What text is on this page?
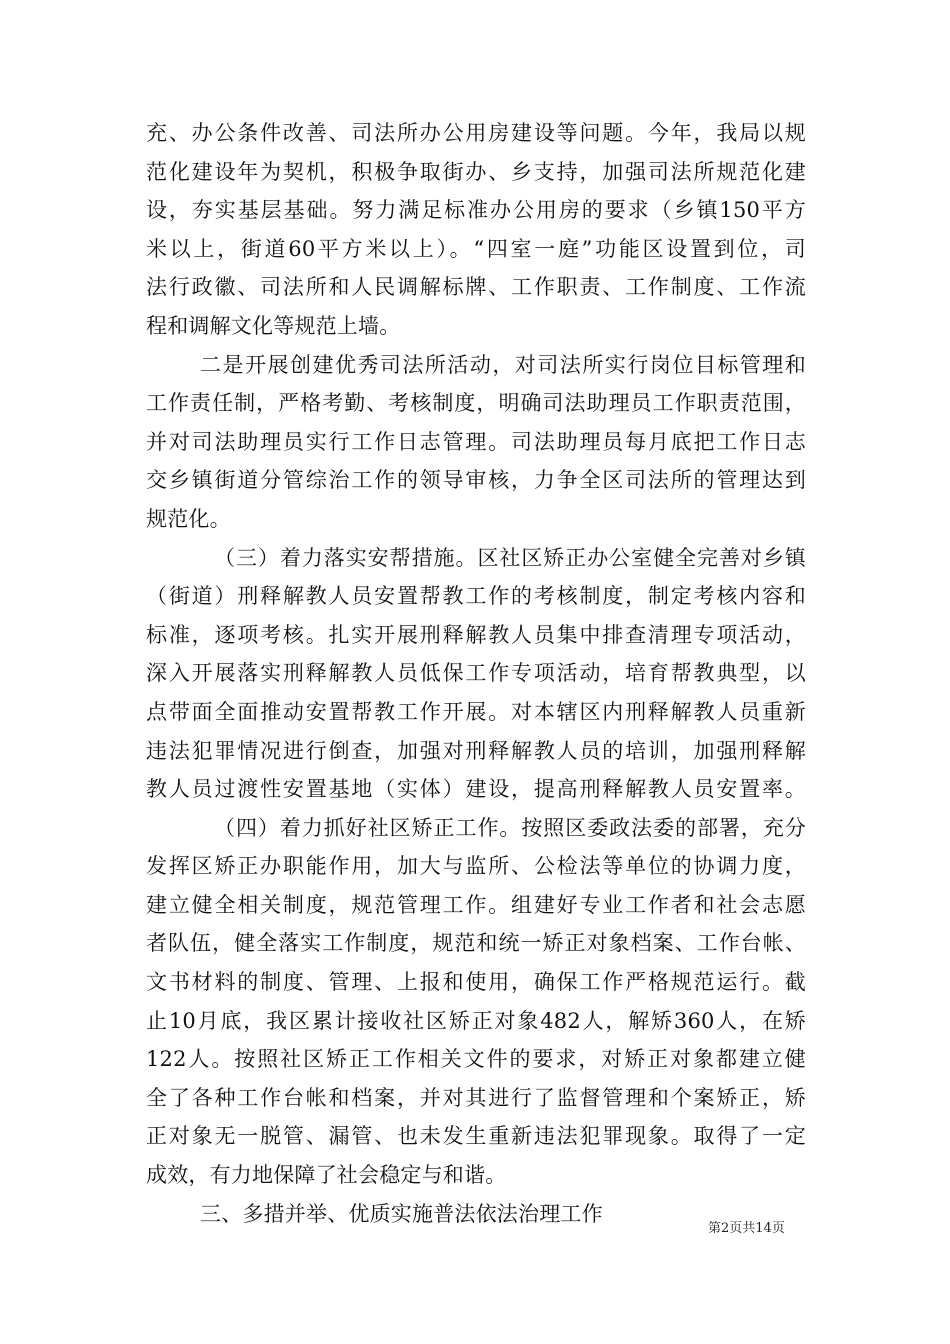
充、办公条件改善、司法所办公用房建设等问题。今年，我局以规
范化建设年为契机，积极争取街办、乡支持，加强司法所规范化建
设，夯实基层基础。努力满足标准办公用房的要求（乡镇150平方
米以上，街道60平方米以上）。“四室一庭”功能区设置到位，司
法行政徽、司法所和人民调解标牌、工作职责、工作制度、工作流
程和调解文化等规范上墙。
二是开展创建优秀司法所活动，对司法所实行岗位目标管理和
工作责任制，严格考勤、考核制度，明确司法助理员工作职责范围，
并对司法助理员实行工作日志管理。司法助理员每月底把工作日志
交乡镇街道分管综治工作的领导审核，力争全区司法所的管理达到
规范化。
（三）着力落实安帮措施。区社区矫正办公室健全完善对乡镇
（街道）刑释解教人员安置帮教工作的考核制度，制定考核内容和
标准，逐项考核。扎实开展刑释解教人员集中排查清理专项活动，
深入开展落实刑释解教人员低保工作专项活动，培育帮教典型，以
点带面全面推动安置帮教工作开展。对本辖区内刑释解教人员重新
违法犯罪情况进行倒查，加强对刑释解教人员的培训，加强刑释解
教人员过渡性安置基地（实体）建设，提高刑释解教人员安置率。
（四）着力抓好社区矫正工作。按照区委政法委的部署，充分
发挥区矫正办职能作用，加大与监所、公检法等单位的协调力度，
建立健全相关制度，规范管理工作。组建好专业工作者和社会志愿
者队伍，健全落实工作制度，规范和统一矫正对象档案、工作台帐、
文书材料的制度、管理、上报和使用，确保工作严格规范运行。截
止10月底，我区累计接收社区矫正对象482人，解矫360人，在矫
122人。按照社区矫正工作相关文件的要求，对矫正对象都建立健
全了各种工作台帐和档案，并对其进行了监督管理和个案矫正，矫
正对象无一脱管、漏管、也未发生重新违法犯罪现象。取得了一定
成效，有力地保障了社会稳定与和谐。
三、多措并举、优质实施普法依法治理工作
第2页共14页
